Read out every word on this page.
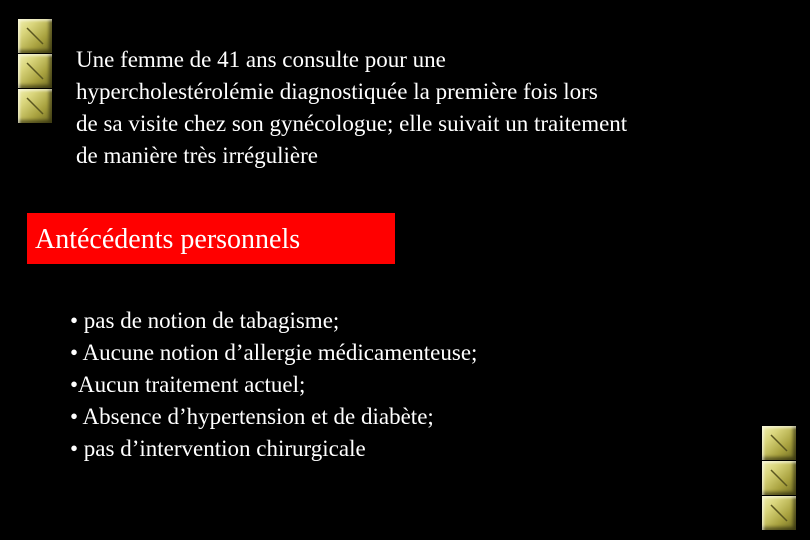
Une femme de 41 ans consulte pour une
hypercholestérolémie diagnostiquée la première fois lors
de sa visite chez son gynécologue; elle suivait un traitement
de manière très irrégulière
Antécédents personnels
• pas de notion de tabagisme;
• Aucune notion d’allergie médicamenteuse;
•Aucun traitement actuel;
• Absence d’hypertension et de diabète;
• pas d’intervention chirurgicale
